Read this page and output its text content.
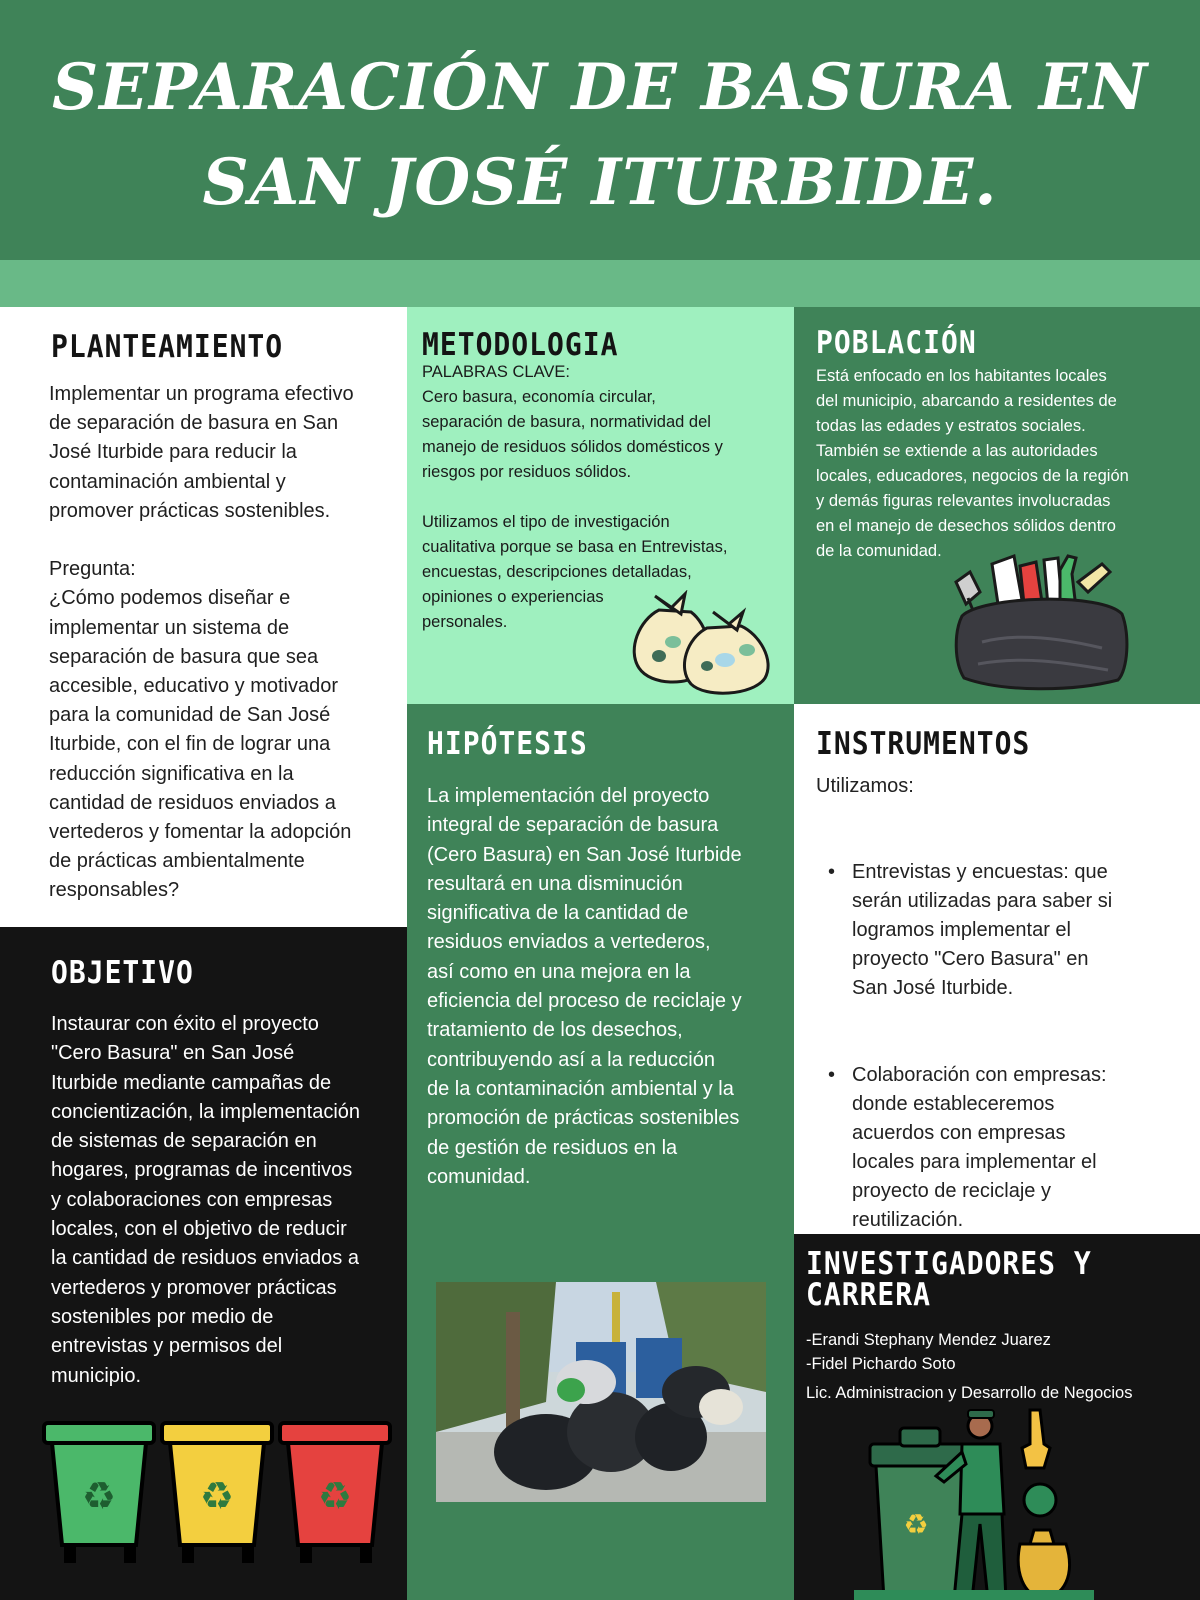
SEPARACIÓN DE BASURA EN
SAN JOSÉ ITURBIDE.
PLANTEAMIENTO
Implementar un programa efectivo
de separación de basura en San
José Iturbide para reducir la
contaminación ambiental y
promover prácticas sostenibles.

Pregunta:
¿Cómo podemos diseñar e
implementar un sistema de
separación de basura que sea
accesible, educativo y motivador
para la comunidad de San José
Iturbide, con el fin de lograr una
reducción significativa en la
cantidad de residuos enviados a
vertederos y fomentar la adopción
de prácticas ambientalmente
responsables?
METODOLOGIA
PALABRAS CLAVE:
Cero basura, economía circular,
separación de basura, normatividad del
manejo de residuos sólidos domésticos y
riesgos por residuos sólidos.
Utilizamos el tipo de investigación
cualitativa porque se basa en Entrevistas,
encuestas, descripciones detalladas,
opiniones o experiencias
personales.
POBLACIÓN
Está enfocado en los habitantes locales
del municipio, abarcando a residentes de
todas las edades y estratos sociales.
También se extiende a las autoridades
locales, educadores, negocios de la región
y demás figuras relevantes involucradas
en el manejo de desechos sólidos dentro
de la comunidad.
HIPÓTESIS
La implementación del proyecto
integral de separación de basura
(Cero Basura) en San José Iturbide
resultará en una disminución
significativa de la cantidad de
residuos enviados a vertederos,
así como en una mejora en la
eficiencia del proceso de reciclaje y
tratamiento de los desechos,
contribuyendo así a la reducción
de la contaminación ambiental y la
promoción de prácticas sostenibles
de gestión de residuos en la
comunidad.
INSTRUMENTOS
Utilizamos:

• Entrevistas y encuestas: que
serán utilizadas para saber si
logramos implementar el
proyecto "Cero Basura" en
San José Iturbide.

• Colaboración con empresas:
donde estableceremos
acuerdos con empresas
locales para implementar el
proyecto de reciclaje y
reutilización.

OBJETIVO
Instaurar con éxito el proyecto
"Cero Basura" en San José
Iturbide mediante campañas de
concientización, la implementación
de sistemas de separación en
hogares, programas de incentivos
y colaboraciones con empresas
locales, con el objetivo de reducir
la cantidad de residuos enviados a
vertederos y promover prácticas
sostenibles por medio de
entrevistas y permisos del
municipio.
♻ ♻ ♻
INVESTIGADORES Y
CARRERA
-Erandi Stephany Mendez Juarez
-Fidel Pichardo Soto
Lic. Administracion y Desarrollo de Negocios
♻
